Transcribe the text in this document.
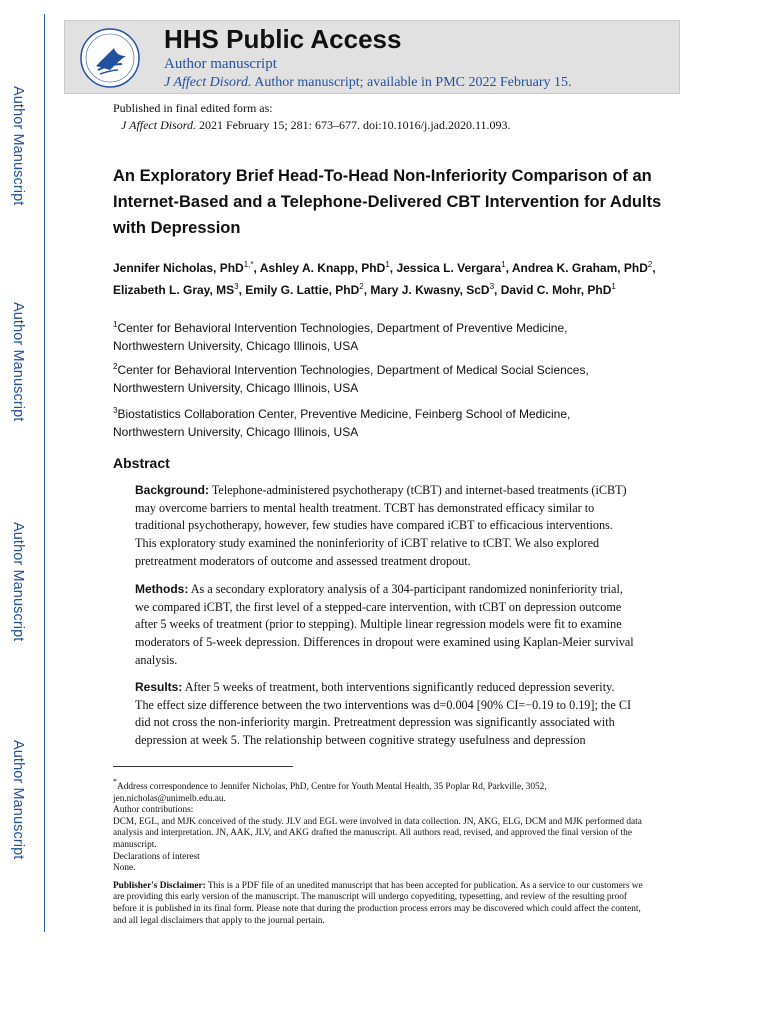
Author Manuscript
Author Manuscript
Author Manuscript
Author Manuscript
HHS Public Access
Author manuscript
J Affect Disord. Author manuscript; available in PMC 2022 February 15.
Published in final edited form as:
J Affect Disord. 2021 February 15; 281: 673–677. doi:10.1016/j.jad.2020.11.093.
An Exploratory Brief Head-To-Head Non-Inferiority Comparison of an Internet-Based and a Telephone-Delivered CBT Intervention for Adults with Depression
Jennifer Nicholas, PhD$^{1,*}$, Ashley A. Knapp, PhD$^1$, Jessica L. Vergara$^1$, Andrea K. Graham, PhD$^2$, Elizabeth L. Gray, $MS^3$, Emily G. Lattie, PhD$^2$, Mary J. Kwasny, ScD$^3$, David C. Mohr, PhD$^1$
$^1$Center for Behavioral Intervention Technologies, Department of Preventive Medicine,
Northwestern University, Chicago Illinois, USA
$^2$Center for Behavioral Intervention Technologies, Department of Medical Social Sciences,
Northwestern University, Chicago Illinois, USA
$^3$Biostatistics Collaboration Center, Preventive Medicine, Feinberg School of Medicine,
Northwestern University, Chicago Illinois, USA
Abstract
Background: Telephone-administered psychotherapy (tCBT) and internet-based treatments (iCBT) may overcome barriers to mental health treatment. TCBT has demonstrated efficacy similar to traditional psychotherapy, however, few studies have compared iCBT to efficacious interventions. This exploratory study examined the noninferiority of iCBT relative to tCBT. We also explored pretreatment moderators of outcome and assessed treatment dropout.
Methods: As a secondary exploratory analysis of a 304-participant randomized noninferiority trial, we compared iCBT, the first level of a stepped-care intervention, with tCBT on depression outcome after 5 weeks of treatment (prior to stepping). Multiple linear regression models were fit to examine moderators of 5-week depression. Differences in dropout were examined using Kaplan-Meier survival analysis.
Results: After 5 weeks of treatment, both interventions significantly reduced depression severity. The effect size difference between the two interventions was d=0.004 [90% CI=−0.19 to 0.19]; the CI did not cross the non-inferiority margin. Pretreatment depression was significantly associated with depression at week 5. The relationship between cognitive strategy usefulness and depression

*Address correspondence to Jennifer Nicholas, PhD, Centre for Youth Mental Health, 35 Poplar Rd, Parkville, 3052, jen.nicholas@unimelb.edu.au.

Author contributions:

DCM, EGL, and MJK conceived of the study. JLV and EGL were involved in data collection. JN, AKG, ELG, DCM and MJK performed data analysis and interpretation. JN, AAK, JLV, and AKG drafted the manuscript. All authors read, revised, and approved the final version of the manuscript.

Declarations of interest

None.

Publisher's Disclaimer: This is a PDF file of an unedited manuscript that has been accepted for publication. As a service to our customers we are providing this early version of the manuscript. The manuscript will undergo copyediting, typesetting, and review of the resulting proof before it is published in its final form. Please note that during the production process errors may be discovered which could affect the content, and all legal disclaimers that apply to the journal pertain.
